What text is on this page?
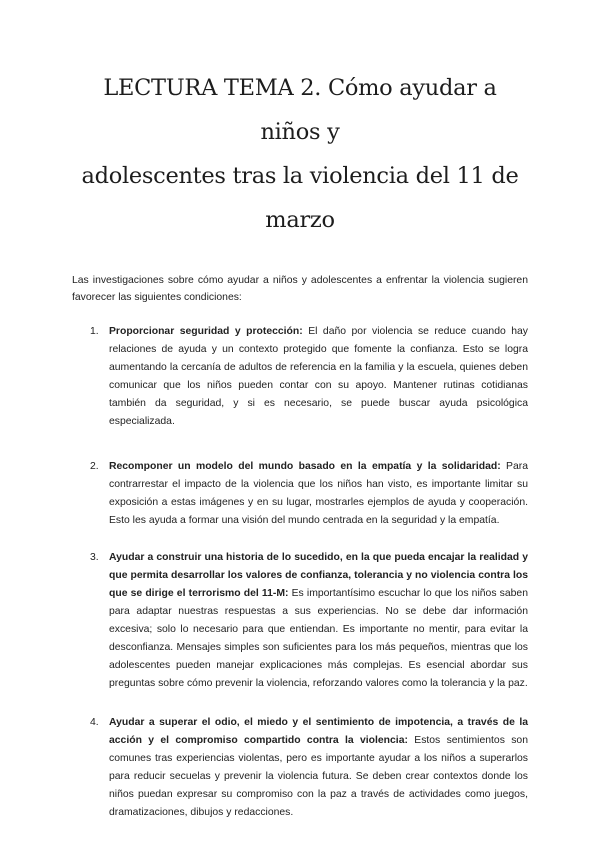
LECTURA TEMA 2. Cómo ayudar a niños y
adolescentes tras la violencia del 11 de marzo

Las investigaciones sobre cómo ayudar a niños y adolescentes a enfrentar la violencia sugieren favorecer las siguientes condiciones:

1. Proporcionar seguridad y protección: El daño por violencia se reduce cuando hay relaciones de ayuda y un contexto protegido que fomente la confianza. Esto se logra aumentando la cercanía de adultos de referencia en la familia y la escuela, quienes deben comunicar que los niños pueden contar con su apoyo. Mantener rutinas cotidianas también da seguridad, y si es necesario, se puede buscar ayuda psicológica especializada.
2. Recomponer un modelo del mundo basado en la empatía y la solidaridad: Para contrarrestar el impacto de la violencia que los niños han visto, es importante limitar su exposición a estas imágenes y en su lugar, mostrarles ejemplos de ayuda y cooperación. Esto les ayuda a formar una visión del mundo centrada en la seguridad y la empatía.
3. Ayudar a construir una historia de lo sucedido, en la que pueda encajar la realidad y que permita desarrollar los valores de confianza, tolerancia y no violencia contra los que se dirige el terrorismo del 11-M: Es importantísimo escuchar lo que los niños saben para adaptar nuestras respuestas a sus experiencias. No se debe dar información excesiva; solo lo necesario para que entiendan. Es importante no mentir, para evitar la desconfianza. Mensajes simples son suficientes para los más pequeños, mientras que los adolescentes pueden manejar explicaciones más complejas. Es esencial abordar sus preguntas sobre cómo prevenir la violencia, reforzando valores como la tolerancia y la paz.
4. Ayudar a superar el odio, el miedo y el sentimiento de impotencia, a través de la acción y el compromiso compartido contra la violencia: Estos sentimientos son comunes tras experiencias violentas, pero es importante ayudar a los niños a superarlos para reducir secuelas y prevenir la violencia futura. Se deben crear contextos donde los niños puedan expresar su compromiso con la paz a través de actividades como juegos, dramatizaciones, dibujos y redacciones.
